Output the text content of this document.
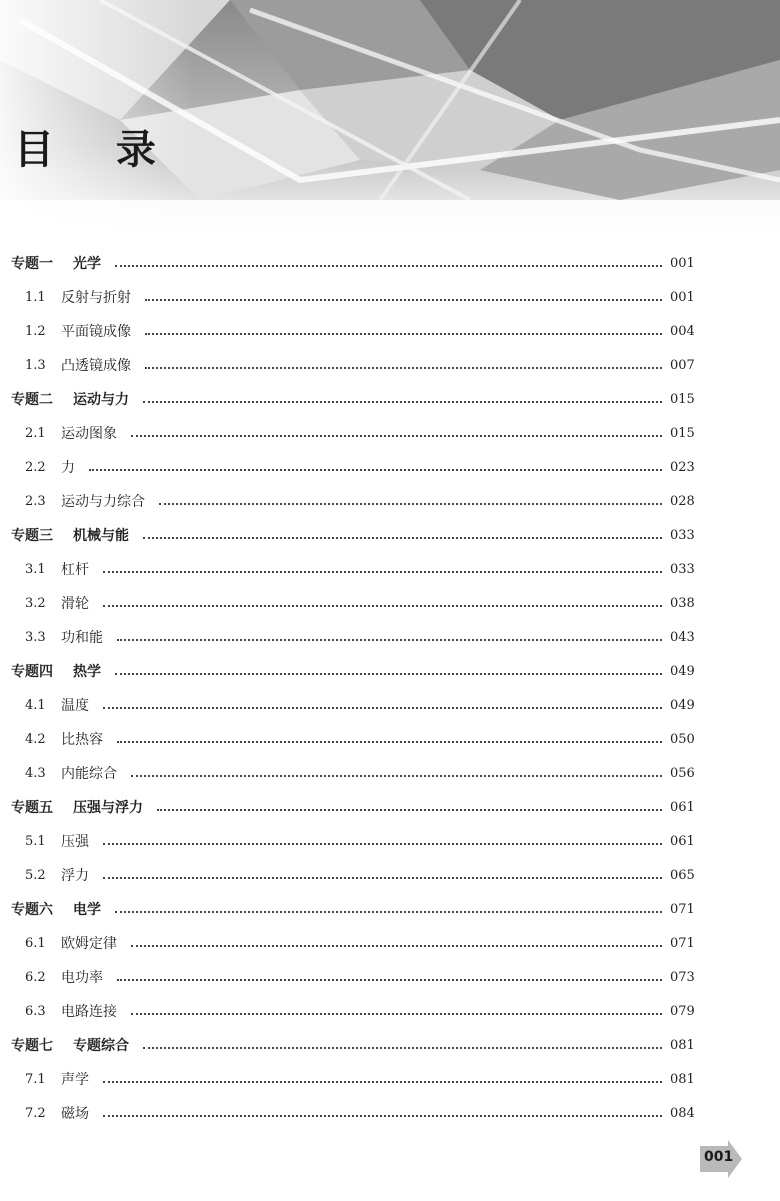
目 录
专题一	光学	001
1.1	反射与折射	001
1.2	平面镜成像	004
1.3	凸透镜成像	007
专题二	运动与力	015
2.1	运动图象	015
2.2	力	023
2.3	运动与力综合	028
专题三	机械与能	033
3.1	杠杆	033
3.2	滑轮	038
3.3	功和能	043
专题四	热学	049
4.1	温度	049
4.2	比热容	050
4.3	内能综合	056
专题五	压强与浮力	061
5.1	压强	061
5.2	浮力	065
专题六	电学	071
6.1	欧姆定律	071
6.2	电功率	073
6.3	电路连接	079
专题七	专题综合	081
7.1	声学	081
7.2	磁场	084
001
